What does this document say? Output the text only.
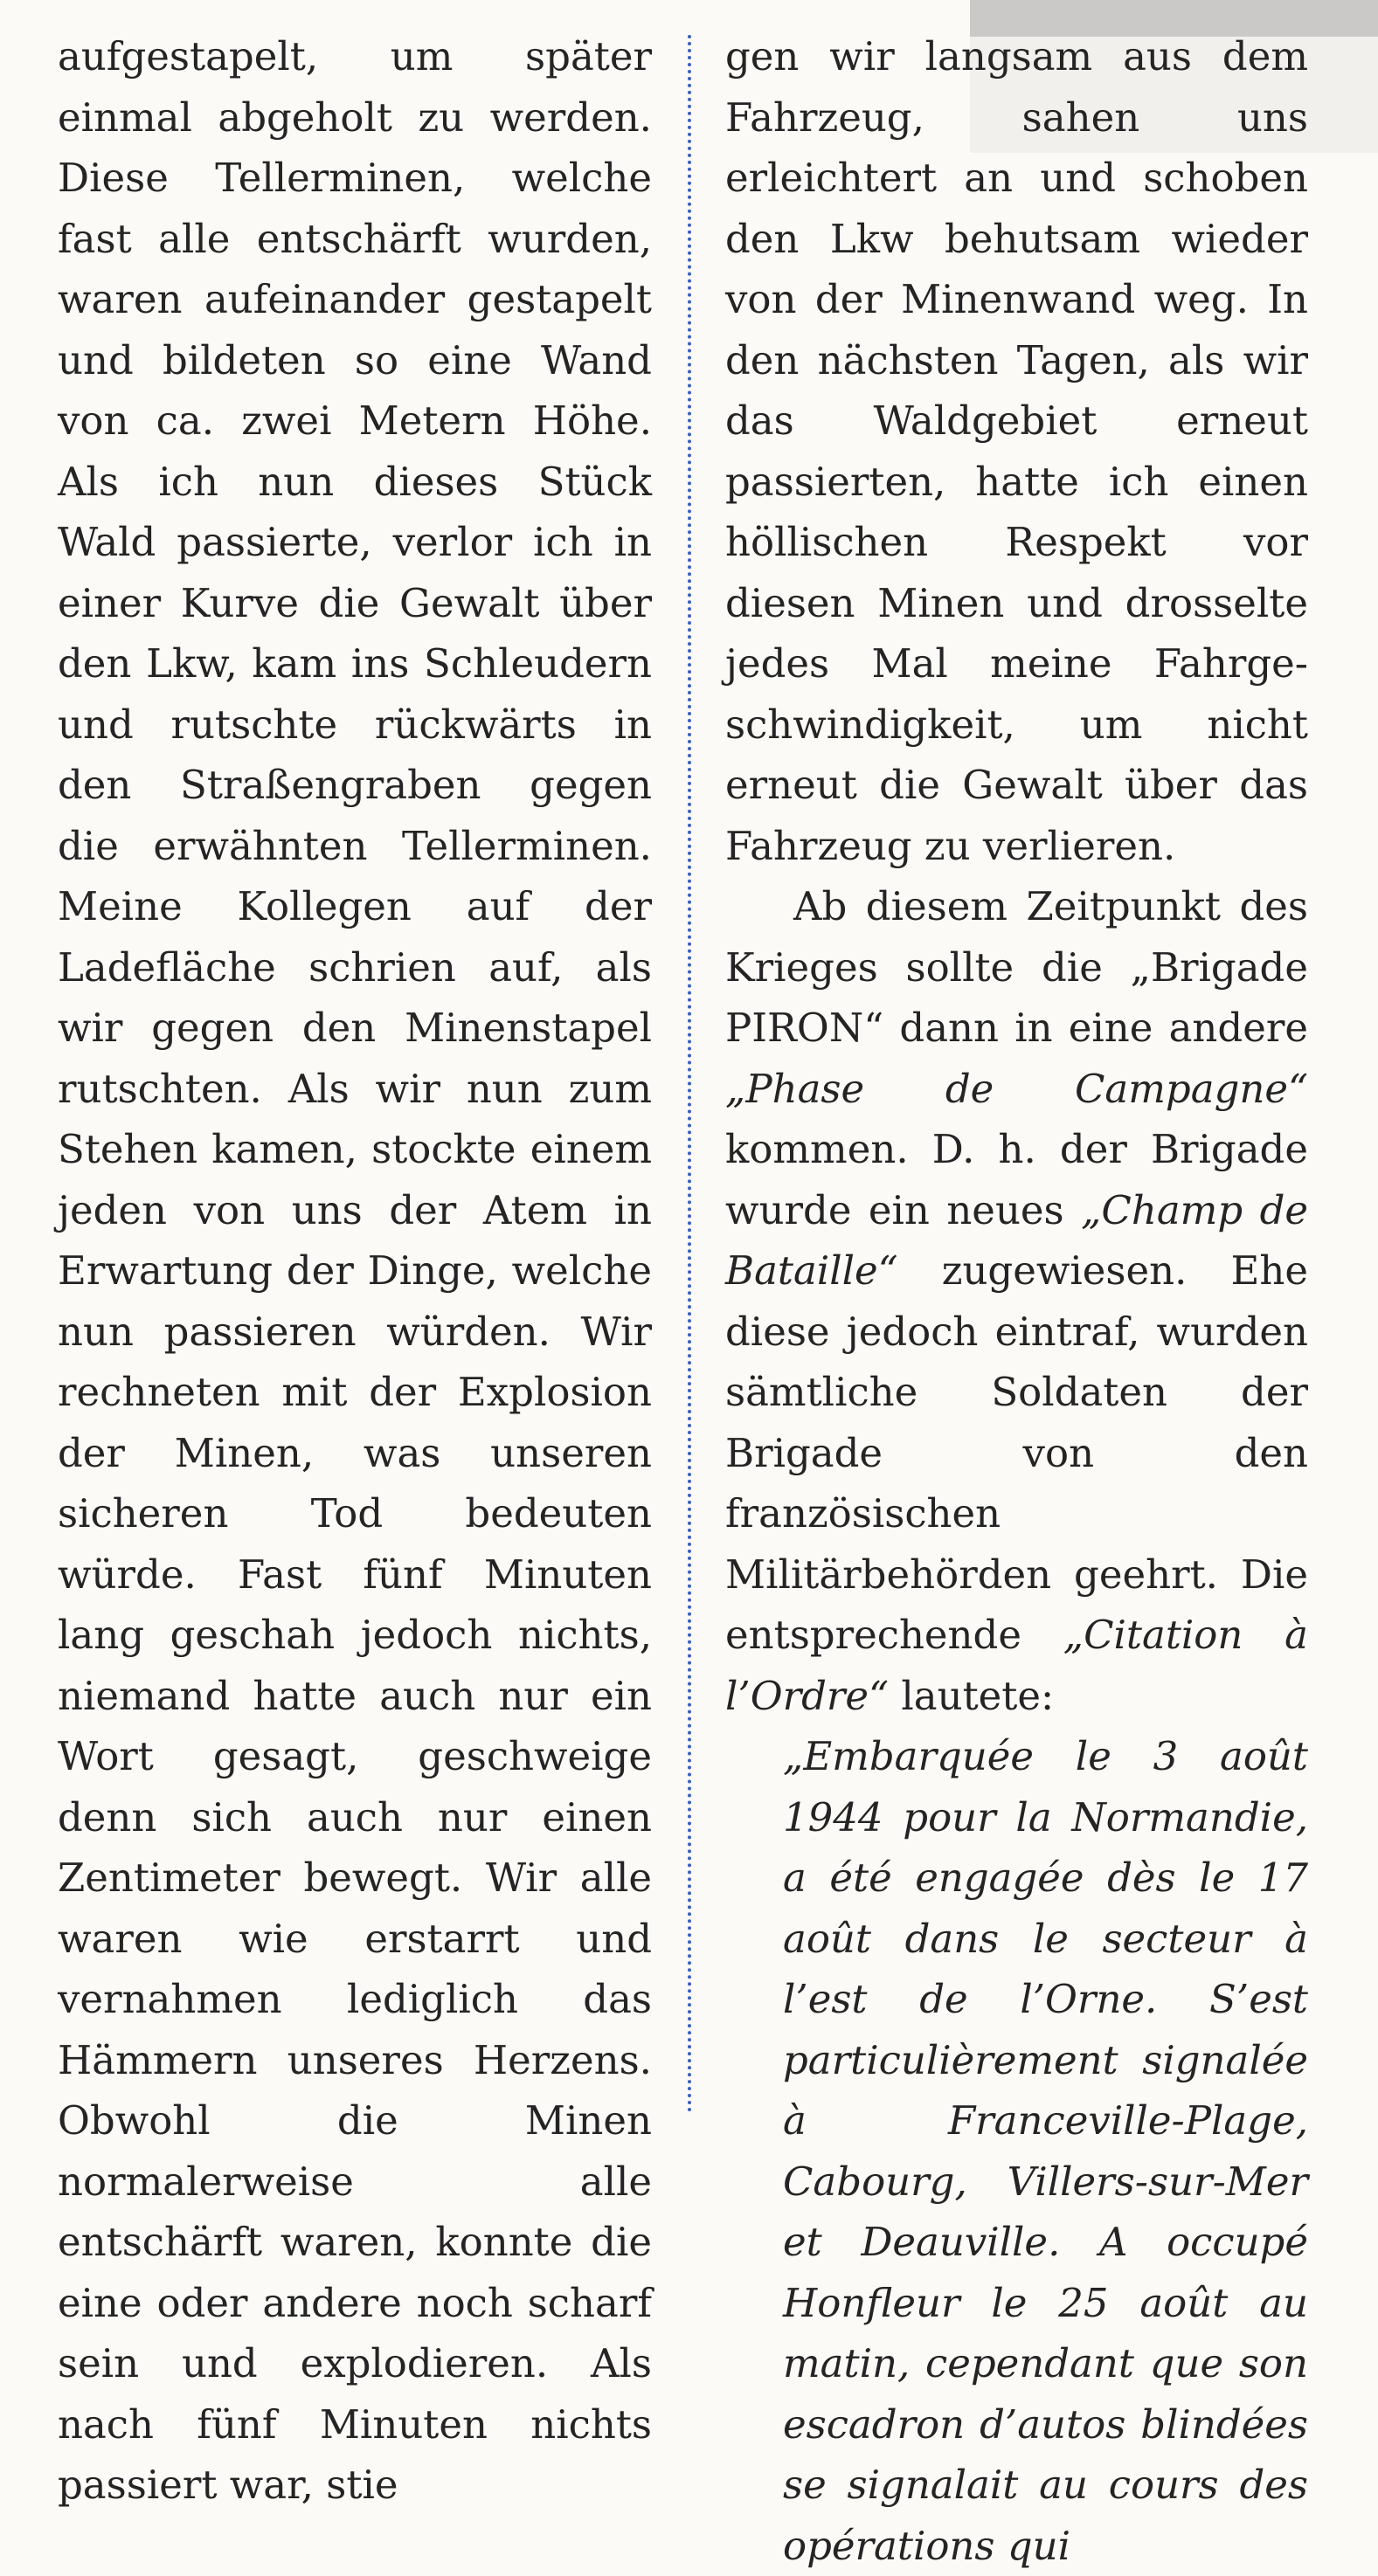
aufgestapelt, um später einmal abgeholt zu werden. Diese Tellerminen, welche fast alle entschärft wurden, waren aufeinander gestapelt und bildeten so eine Wand von ca. zwei Metern Höhe. Als ich nun dieses Stück Wald passierte, verlor ich in einer Kurve die Gewalt über den Lkw, kam ins Schleudern und rutschte rückwärts in den Straßengraben gegen die erwähnten Tellerminen. Meine Kollegen auf der Ladefläche schrien auf, als wir gegen den Minenstapel rutschten. Als wir nun zum Stehen kamen, stockte einem jeden von uns der Atem in Erwartung der Dinge, welche nun passieren würden. Wir rechneten mit der Explosion der Minen, was unseren sicheren Tod bedeuten würde. Fast fünf Minuten lang geschah jedoch nichts, niemand hatte auch nur ein Wort gesagt, geschweige denn sich auch nur einen Zentimeter bewegt. Wir alle waren wie erstarrt und vernahmen lediglich das Hämmern unseres Herzens. Obwohl die Minen normalerweise alle entschärft waren, konnte die eine oder andere noch scharf sein und explodieren. Als nach fünf Minuten nichts passiert war, stie

gen wir langsam aus dem Fahrzeug, sahen uns erleichtert an und schoben den Lkw behutsam wieder von der Minenwand weg. In den nächsten Tagen, als wir das Waldgebiet erneut passierten, hatte ich einen höllischen Respekt vor diesen Minen und drosselte jedes Mal meine Fahrgeschwindigkeit, um nicht erneut die Gewalt über das Fahrzeug zu verlieren.

Ab diesem Zeitpunkt des Krieges sollte die „Brigade PIRON“ dann in eine andere „Phase de Campagne“ kommen. D. h. der Brigade wurde ein neues „Champ de Bataille“ zugewiesen. Ehe diese jedoch eintraf, wurden sämtliche Soldaten der Brigade von den französischen Militärbehörden geehrt. Die entsprechende „Citation à l’Ordre“ lautete:

„Embarquée le 3 août 1944 pour la Normandie, a été engagée dès le 17 août dans le secteur à l’est de l’Orne. S’est particulièrement signalée à Franceville-Plage, Cabourg, Villers-sur-Mer et Deauville. A occupé Honfleur le 25 août au matin, cependant que son escadron d’autos blindées se signalait au cours des opérations qui
